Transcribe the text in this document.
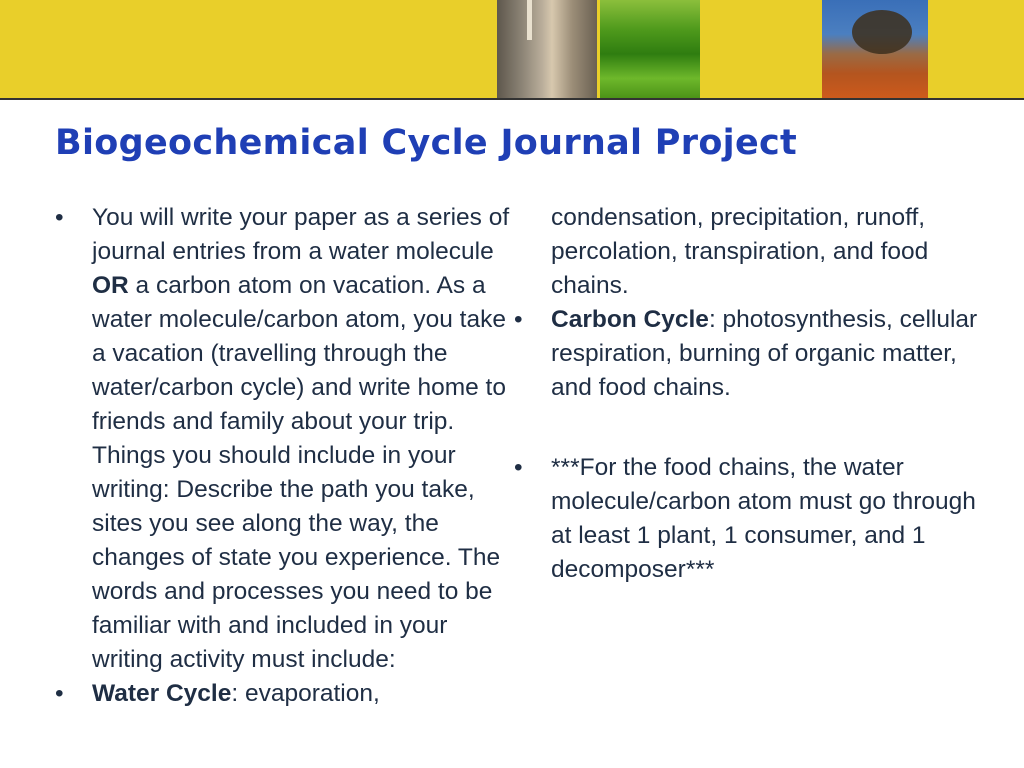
Biogeochemical Cycle Journal Project

• You will write your paper as a series of journal entries from a water molecule OR a carbon atom on vacation. As a water molecule/carbon atom, you take a vacation (travelling through the water/carbon cycle) and write home to friends and family about your trip. Things you should include in your writing: Describe the path you take, sites you see along the way, the changes of state you experience. The words and processes you need to be familiar with and included in your writing activity must include:

• Water Cycle: evaporation,

condensation, precipitation, runoff, percolation, transpiration, and food chains.

• Carbon Cycle: photosynthesis, cellular respiration, burning of organic matter, and food chains.

• ***For the food chains, the water molecule/carbon atom must go through at least 1 plant, 1 consumer, and 1 decomposer***
